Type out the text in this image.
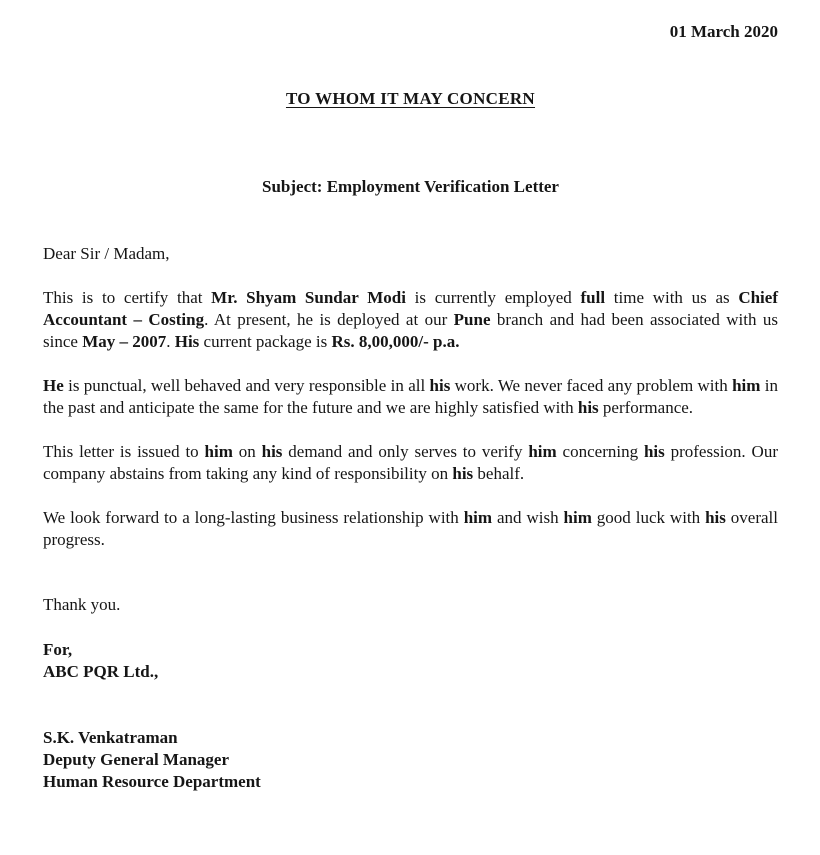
01 March 2020
TO WHOM IT MAY CONCERN
Subject: Employment Verification Letter
Dear Sir / Madam,

This is to certify that Mr. Shyam Sundar Modi is currently employed full time with us as Chief Accountant – Costing. At present, he is deployed at our Pune branch and had been associated with us since May – 2007. His current package is Rs. 8,00,000/- p.a.

He is punctual, well behaved and very responsible in all his work. We never faced any problem with him in the past and anticipate the same for the future and we are highly satisfied with his performance.

This letter is issued to him on his demand and only serves to verify him concerning his profession. Our company abstains from taking any kind of responsibility on his behalf.

We look forward to a long-lasting business relationship with him and wish him good luck with his overall progress.

Thank you.
For,
ABC PQR Ltd.,
S.K. Venkatraman
Deputy General Manager
Human Resource Department
